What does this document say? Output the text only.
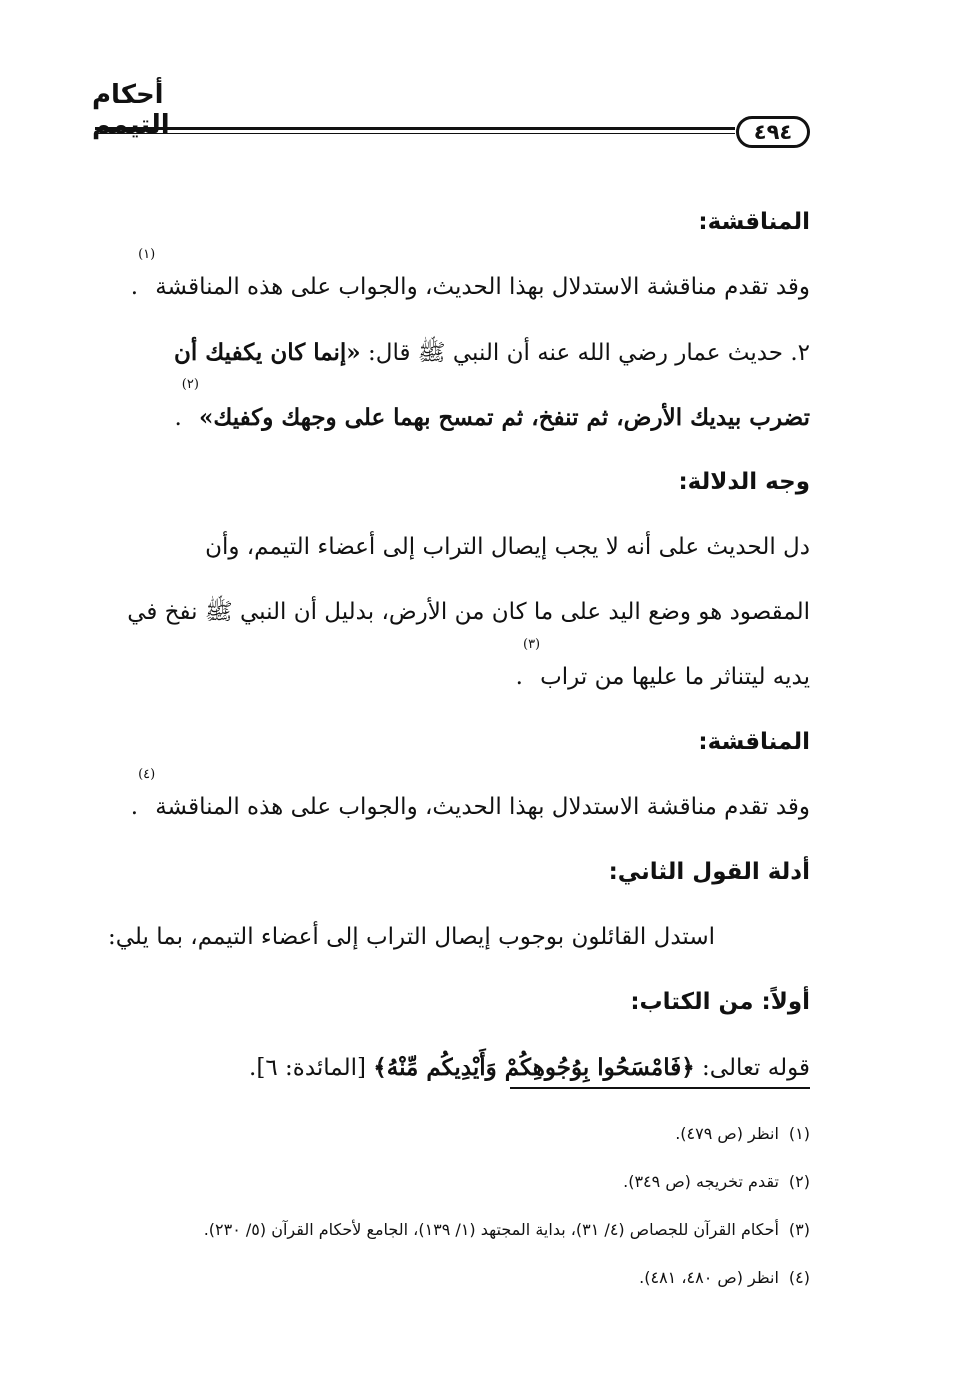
أحكام التيمم	٤٩٤
المناقشة:
وقد تقدم مناقشة الاستدلال بهذا الحديث، والجواب على هذه المناقشة$^{(١)}$.
٢. حديث عمار رضي الله عنه أن النبي ﷺ قال: «إنما كان يكفيك أن
تضرب بيديك الأرض، ثم تنفخ، ثم تمسح بهما على وجهك وكفيك»$^{(٢)}$.
وجه الدلالة:
دل الحديث على أنه لا يجب إيصال التراب إلى أعضاء التيمم، وأن
المقصود هو وضع اليد على ما كان من الأرض، بدليل أن النبي ﷺ نفخ في
يديه ليتناثر ما عليها من تراب$^{(٣)}$.
المناقشة:
وقد تقدم مناقشة الاستدلال بهذا الحديث، والجواب على هذه المناقشة$^{(٤)}$.
أدلة القول الثاني:
استدل القائلون بوجوب إيصال التراب إلى أعضاء التيمم، بما يلي:
أولاً: من الكتاب:
قوله تعالى: ﴿فَامْسَحُوا بِوُجُوهِكُمْ وَأَيْدِيكُم مِّنْهُ﴾ [المائدة: ٦].
(١)انظر (ص ٤٧٩).
(٢)تقدم تخريجه (ص ٣٤٩).
(٣)أحكام القرآن للجصاص (٤/ ٣١)، بداية المجتهد (١/ ١٣٩)، الجامع لأحكام القرآن (٥/ ٢٣٠).
(٤)انظر (ص ٤٨٠، ٤٨١).
